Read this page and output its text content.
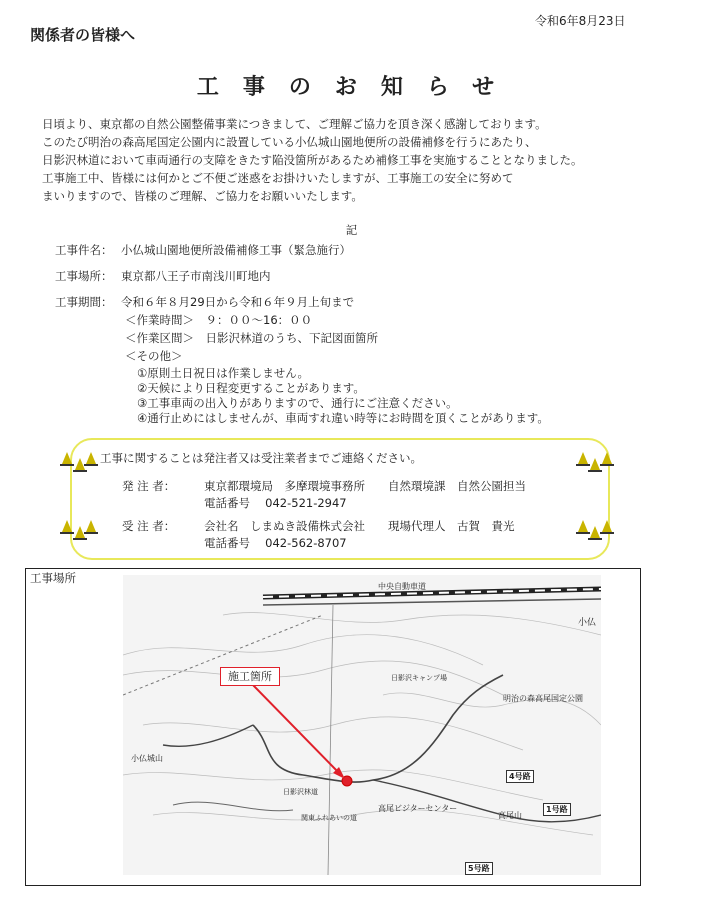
関係者の皆様へ
令和6年8月23日
工事のお知らせ
日頃より、東京都の自然公園整備事業につきまして、ご理解ご協力を頂き深く感謝しております。
このたび明治の森高尾国定公園内に設置している小仏城山園地便所の設備補修を行うにあたり、
日影沢林道において車両通行の支障をきたす陥没箇所があるため補修工事を実施することとなりました。
工事施工中、皆様には何かとご不便ご迷惑をお掛けいたしますが、工事施工の安全に努めて
まいりますので、皆様のご理解、ご協力をお願いいたします。
記
工事件名： 小仏城山園地便所設備補修工事（緊急施行）
工事場所： 東京都八王子市南浅川町地内
工事期間： 令和６年８月29日から令和６年９月上旬まで
＜作業時間＞　９：００～16：００
＜作業区間＞　日影沢林道のうち、下記図面箇所
＜その他＞
①原則土日祝日は作業しません。
②天候により日程変更することがあります。
③工事車両の出入りがありますので、通行にご注意ください。
④通行止めにはしませんが、車両すれ違い時等にお時間を頂くことがあります。
工事に関することは発注者又は受注業者までご連絡ください。
発 注 者： 東京都環境局　多摩環境事務所　　自然環境課　自然公園担当
電話番号　 042-521-2947
受 注 者： 会社名　しまぬき設備株式会社　　現場代理人　古賀　貴光
電話番号　 042-562-8707
工事場所
中央自動車道
小仏
日影沢キャンプ場
明治の森高尾国定公園
小仏城山
日影沢林道
高尾ビジターセンター
高尾山
4号路
1号路
5号路
関東ふれあいの道
施工箇所
